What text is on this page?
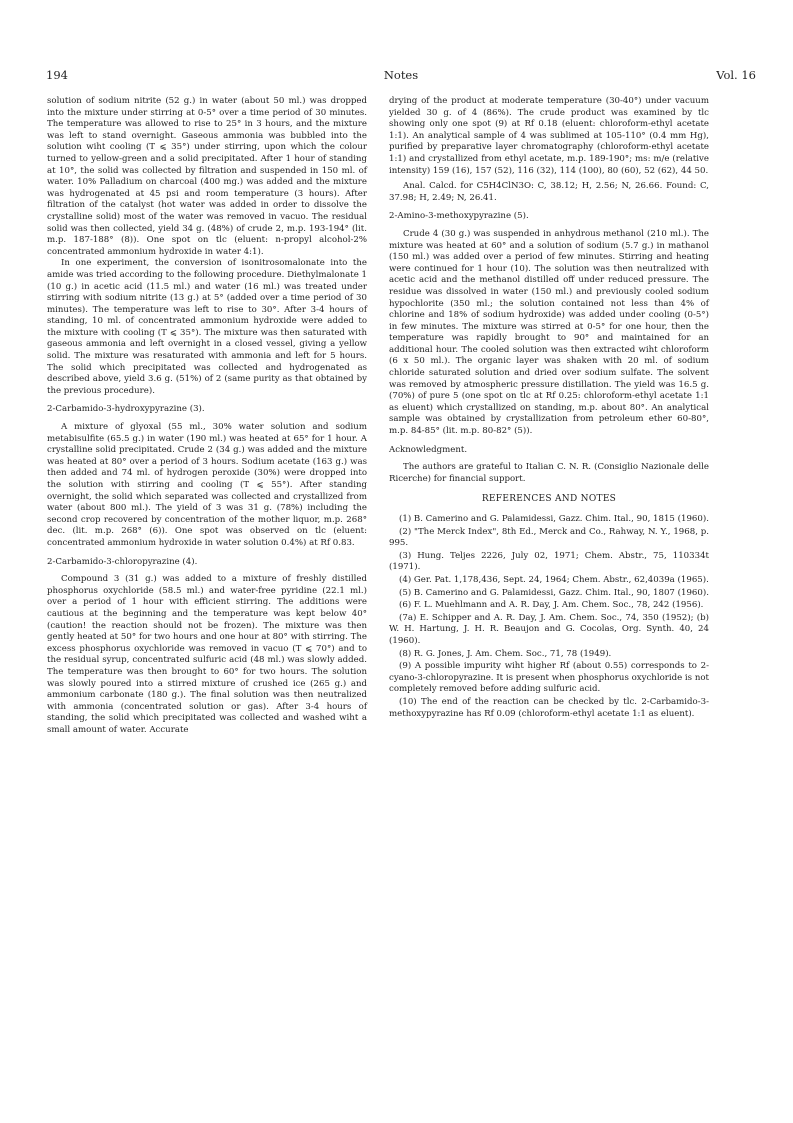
194	Notes	Vol. 16

solution of sodium nitrite (52 g.) in water (about 50 ml.) was dropped into the mixture under stirring at 0-5° over a time period of 30 minutes. The temperature was allowed to rise to 25° in 3 hours, and the mixture was left to stand overnight. Gaseous ammonia was bubbled into the solution wiht cooling (T ⩽ 35°) under stirring, upon which the colour turned to yellow-green and a solid precipitated. After 1 hour of standing at 10°, the solid was collected by filtration and suspended in 150 ml. of water. 10% Palladium on charcoal (400 mg.) was added and the mixture was hydrogenated at 45 psi and room temperature (3 hours). After filtration of the catalyst (hot water was added in order to dissolve the crystalline solid) most of the water was removed in vacuo. The residual solid was then collected, yield 34 g. (48%) of crude 2, m.p. 193-194° (lit. m.p. 187-188° (8)). One spot on tlc (eluent: n-propyl alcohol-2% concentrated ammonium hydroxide in water 4:1).

In one experiment, the conversion of isonitrosomalonate into the amide was tried according to the following procedure. Diethylmalonate 1 (10 g.) in acetic acid (11.5 ml.) and water (16 ml.) was treated under stirring with sodium nitrite (13 g.) at 5° (added over a time period of 30 minutes). The temperature was left to rise to 30°. After 3-4 hours of standing, 10 ml. of concentrated ammonium hydroxide were added to the mixture with cooling (T ⩽ 35°). The mixture was then saturated with gaseous ammonia and left overnight in a closed vessel, giving a yellow solid. The mixture was resaturated with ammonia and left for 5 hours. The solid which precipitated was collected and hydrogenated as described above, yield 3.6 g. (51%) of 2 (same purity as that obtained by the previous procedure).

2-Carbamido-3-hydroxypyrazine (3).

A mixture of glyoxal (55 ml., 30% water solution and sodium metabisulfite (65.5 g.) in water (190 ml.) was heated at 65° for 1 hour. A crystalline solid precipitated. Crude 2 (34 g.) was added and the mixture was heated at 80° over a period of 3 hours. Sodium acetate (163 g.) was then added and 74 ml. of hydrogen peroxide (30%) were dropped into the solution with stirring and cooling (T ⩽ 55°). After standing overnight, the solid which separated was collected and crystallized from water (about 800 ml.). The yield of 3 was 31 g. (78%) including the second crop recovered by concentration of the mother liquor, m.p. 268° dec. (lit. m.p. 268° (6)). One spot was observed on tlc (eluent: concentrated ammonium hydroxide in water solution 0.4%) at Rf 0.83.

2-Carbamido-3-chloropyrazine (4).

Compound 3 (31 g.) was added to a mixture of freshly distilled phosphorus oxychloride (58.5 ml.) and water-free pyridine (22.1 ml.) over a period of 1 hour with efficient stirring. The additions were cautious at the beginning and the temperature was kept below 40° (caution! the reaction should not be frozen). The mixture was then gently heated at 50° for two hours and one hour at 80° with stirring. The excess phosphorus oxychloride was removed in vacuo (T ⩽ 70°) and to the residual syrup, concentrated sulfuric acid (48 ml.) was slowly added. The temperature was then brought to 60° for two hours. The solution was slowly poured into a stirred mixture of crushed ice (265 g.) and ammonium carbonate (180 g.). The final solution was then neutralized with ammonia (concentrated solution or gas). After 3-4 hours of standing, the solid which precipitated was collected and washed wiht a small amount of water. Accurate

drying of the product at moderate temperature (30-40°) under vacuum yielded 30 g. of 4 (86%). The crude product was examined by tlc showing only one spot (9) at Rf 0.18 (eluent: chloroform-ethyl acetate 1:1). An analytical sample of 4 was sublimed at 105-110° (0.4 mm Hg), purified by preparative layer chromatography (chloroform-ethyl acetate 1:1) and crystallized from ethyl acetate, m.p. 189-190°; ms: m/e (relative intensity) 159 (16), 157 (52), 116 (32), 114 (100), 80 (60), 52 (62), 44 50.

Anal. Calcd. for C5H4ClN3O: C, 38.12; H, 2.56; N, 26.66. Found: C, 37.98; H, 2.49; N, 26.41.

2-Amino-3-methoxypyrazine (5).

Crude 4 (30 g.) was suspended in anhydrous methanol (210 ml.). The mixture was heated at 60° and a solution of sodium (5.7 g.) in mathanol (150 ml.) was added over a period of few minutes. Stirring and heating were continued for 1 hour (10). The solution was then neutralized with acetic acid and the methanol distilled off under reduced pressure. The residue was dissolved in water (150 ml.) and previously cooled sodium hypochlorite (350 ml.; the solution contained not less than 4% of chlorine and 18% of sodium hydroxide) was added under cooling (0-5°) in few minutes. The mixture was stirred at 0-5° for one hour, then the temperature was rapidly brought to 90° and maintained for an additional hour. The cooled solution was then extracted wiht chloroform (6 x 50 ml.). The organic layer was shaken with 20 ml. of sodium chloride saturated solution and dried over sodium sulfate. The solvent was removed by atmospheric pressure distillation. The yield was 16.5 g. (70%) of pure 5 (one spot on tlc at Rf 0.25: chloroform-ethyl acetate 1:1 as eluent) which crystallized on standing, m.p. about 80°. An analytical sample was obtained by crystallization from petroleum ether 60-80°, m.p. 84-85° (lit. m.p. 80-82° (5)).

Acknowledgment.

The authors are grateful to Italian C. N. R. (Consiglio Nazionale delle Ricerche) for financial support.

REFERENCES AND NOTES

(1) B. Camerino and G. Palamidessi, Gazz. Chim. Ital., 90, 1815 (1960).

(2) "The Merck Index", 8th Ed., Merck and Co., Rahway, N. Y., 1968, p. 995.

(3) Hung. Teljes 2226, July 02, 1971; Chem. Abstr., 75, 110334t (1971).

(4) Ger. Pat. 1,178,436, Sept. 24, 1964; Chem. Abstr., 62,4039a (1965).

(5) B. Camerino and G. Palamidessi, Gazz. Chim. Ital., 90, 1807 (1960).

(6) F. L. Muehlmann and A. R. Day, J. Am. Chem. Soc., 78, 242 (1956).

(7a) E. Schipper and A. R. Day, J. Am. Chem. Soc., 74, 350 (1952); (b) W. H. Hartung, J. H. R. Beaujon and G. Cocolas, Org. Synth. 40, 24 (1960).

(8) R. G. Jones, J. Am. Chem. Soc., 71, 78 (1949).

(9) A possible impurity wiht higher Rf (about 0.55) corresponds to 2-cyano-3-chloropyrazine. It is present when phosphorus oxychloride is not completely removed before adding sulfuric acid.

(10) The end of the reaction can be checked by tlc. 2-Carbamido-3-methoxypyrazine has Rf 0.09 (chloroform-ethyl acetate 1:1 as eluent).
